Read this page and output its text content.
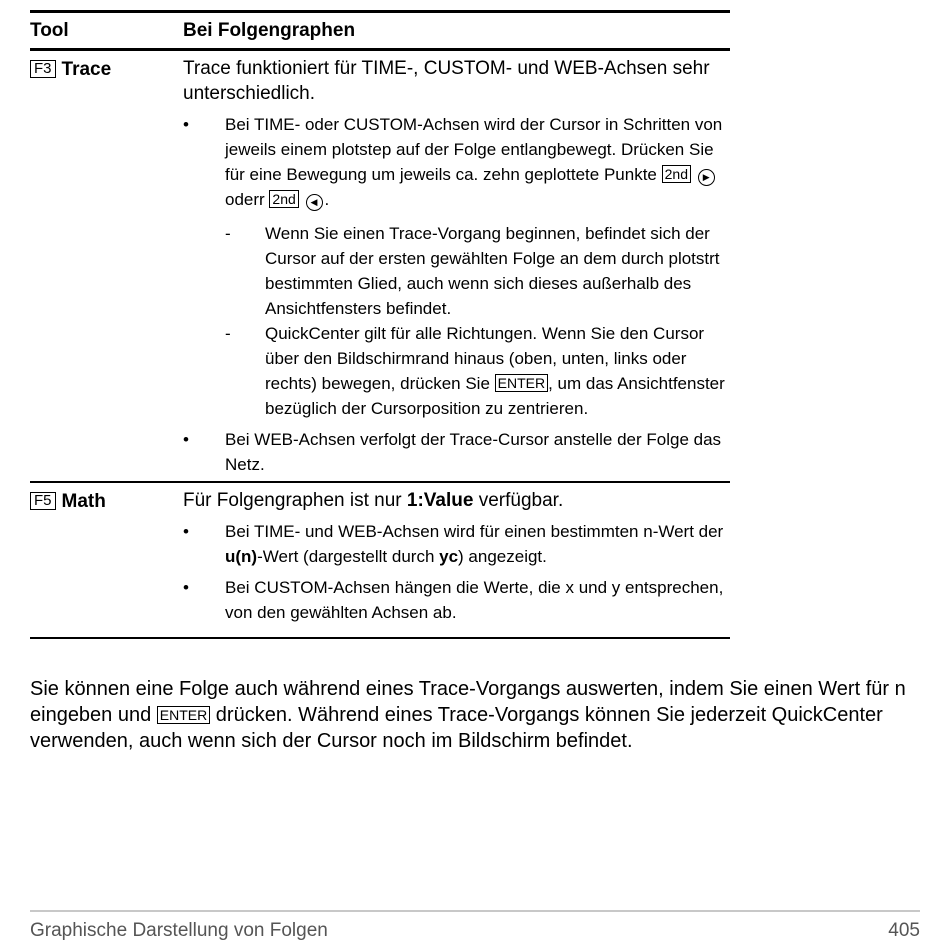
Tool	Bei Folgengraphen
F3 Trace	Trace funktioniert für TIME-, CUSTOM- und WEB-Achsen sehr unterschiedlich.
•	Bei TIME- oder CUSTOM-Achsen wird der Cursor in Schritten von jeweils einem plotstep auf der Folge entlangbewegt. Drücken Sie für eine Bewegung um jeweils ca. zehn geplottete Punkte 2nd ▶ oderr 2nd ◀ .
-	Wenn Sie einen Trace-Vorgang beginnen, befindet sich der Cursor auf der ersten gewählten Folge an dem durch plotstrt bestimmten Glied, auch wenn sich dieses außerhalb des Ansichtfensters befindet.
-	QuickCenter gilt für alle Richtungen. Wenn Sie den Cursor über den Bildschirmrand hinaus (oben, unten, links oder rechts) bewegen, drücken Sie ENTER , um das Ansichtfenster bezüglich der Cursorposition zu zentrieren.
•	Bei WEB-Achsen verfolgt der Trace-Cursor anstelle der Folge das Netz.
F5 Math	Für Folgengraphen ist nur 1:Value verfügbar.
•	Bei TIME- und WEB-Achsen wird für einen bestimmten n-Wert der u(n)-Wert (dargestellt durch yc) angezeigt.
•	Bei CUSTOM-Achsen hängen die Werte, die x und y entsprechen, von den gewählten Achsen ab.
Sie können eine Folge auch während eines Trace-Vorgangs auswerten, indem Sie einen Wert für n eingeben und ENTER drücken. Während eines Trace-Vorgangs können Sie jederzeit QuickCenter verwenden, auch wenn sich der Cursor noch im Bildschirm befindet.
Graphische Darstellung von Folgen	405
